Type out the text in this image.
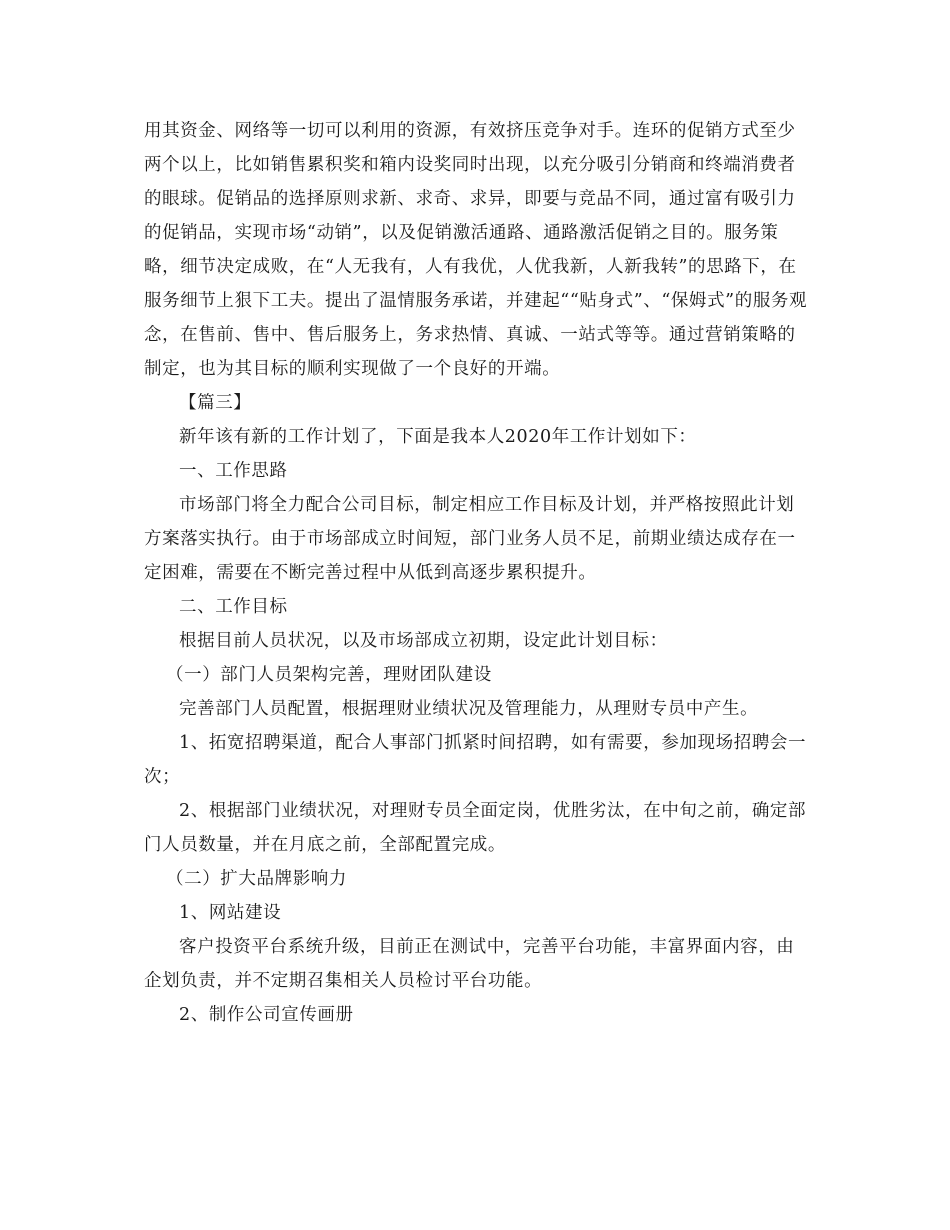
用其资金、网络等一切可以利用的资源，有效挤压竞争对手。连环的促销方式至少两个以上，比如销售累积奖和箱内设奖同时出现，以充分吸引分销商和终端消费者的眼球。促销品的选择原则求新、求奇、求异，即要与竞品不同，通过富有吸引力的促销品，实现市场“动销”，以及促销激活通路、通路激活促销之目的。服务策略，细节决定成败，在“人无我有，人有我优，人优我新，人新我转”的思路下，在服务细节上狠下工夫。提出了温情服务承诺，并建起““贴身式”、“保姆式”的服务观念，在售前、售中、售后服务上，务求热情、真诚、一站式等等。通过营销策略的制定，也为其目标的顺利实现做了一个良好的开端。

【篇三】

新年该有新的工作计划了，下面是我本人2020年工作计划如下：

一、工作思路

市场部门将全力配合公司目标，制定相应工作目标及计划，并严格按照此计划方案落实执行。由于市场部成立时间短，部门业务人员不足，前期业绩达成存在一定困难，需要在不断完善过程中从低到高逐步累积提升。

二、工作目标

根据目前人员状况，以及市场部成立初期，设定此计划目标：

（一）部门人员架构完善，理财团队建设

完善部门人员配置，根据理财业绩状况及管理能力，从理财专员中产生。

1、拓宽招聘渠道，配合人事部门抓紧时间招聘，如有需要，参加现场招聘会一次；

2、根据部门业绩状况，对理财专员全面定岗，优胜劣汰，在中旬之前，确定部门人员数量，并在月底之前，全部配置完成。

（二）扩大品牌影响力

1、网站建设

客户投资平台系统升级，目前正在测试中，完善平台功能，丰富界面内容，由企划负责，并不定期召集相关人员检讨平台功能。

2、制作公司宣传画册
